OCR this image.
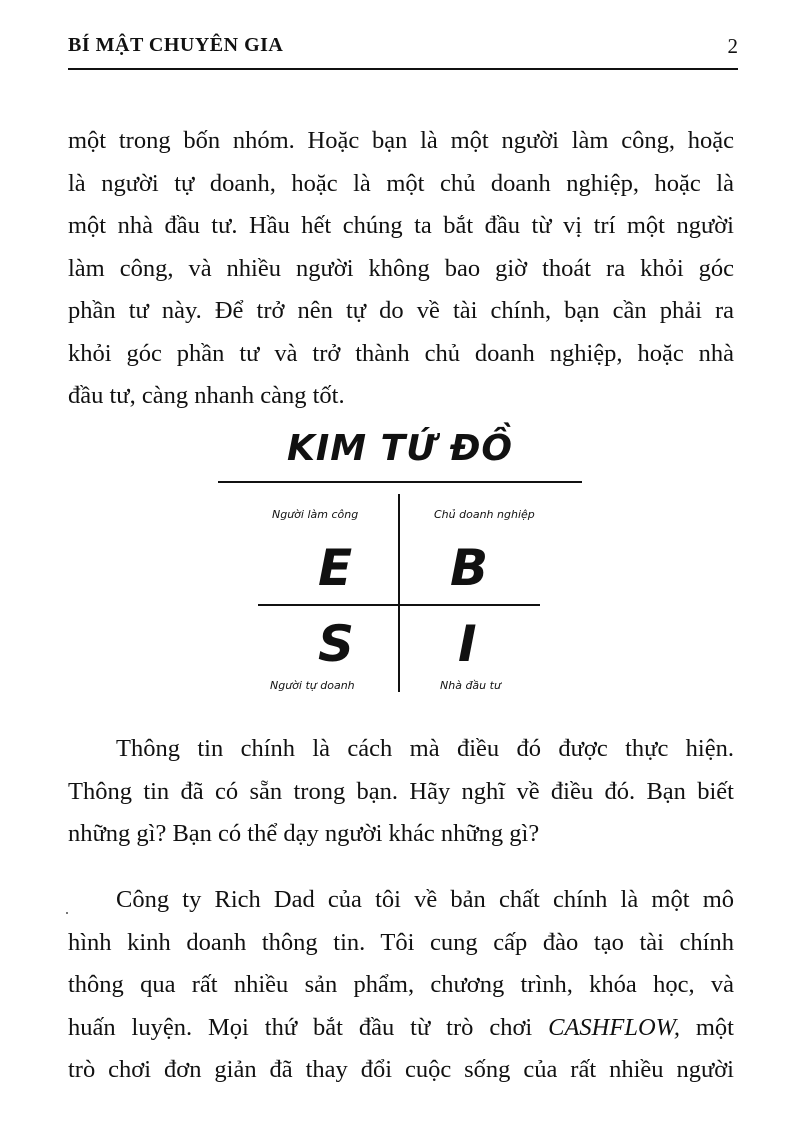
BÍ MẬT CHUYÊN GIA	2

một trong bốn nhóm. Hoặc bạn là một người làm công, hoặc
là người tự doanh, hoặc là một chủ doanh nghiệp, hoặc là
một nhà đầu tư. Hầu hết chúng ta bắt đầu từ vị trí một người
làm công, và nhiều người không bao giờ thoát ra khỏi góc
phần tư này. Để trở nên tự do về tài chính, bạn cần phải ra
khỏi góc phần tư và trở thành chủ doanh nghiệp, hoặc nhà
đầu tư, càng nhanh càng tốt.

KIM TỨ ĐỒ
Người làm công	Chủ doanh nghiệp
Người tự doanh	Nhà đầu tư
E B
S I

Thông tin chính là cách mà điều đó được thực hiện.
Thông tin đã có sẵn trong bạn. Hãy nghĩ về điều đó. Bạn biết
những gì? Bạn có thể dạy người khác những gì?

Công ty Rich Dad của tôi về bản chất chính là một mô
hình kinh doanh thông tin. Tôi cung cấp đào tạo tài chính
thông qua rất nhiều sản phẩm, chương trình, khóa học, và
huấn luyện. Mọi thứ bắt đầu từ trò chơi CASHFLOW, một
trò chơi đơn giản đã thay đổi cuộc sống của rất nhiều người
